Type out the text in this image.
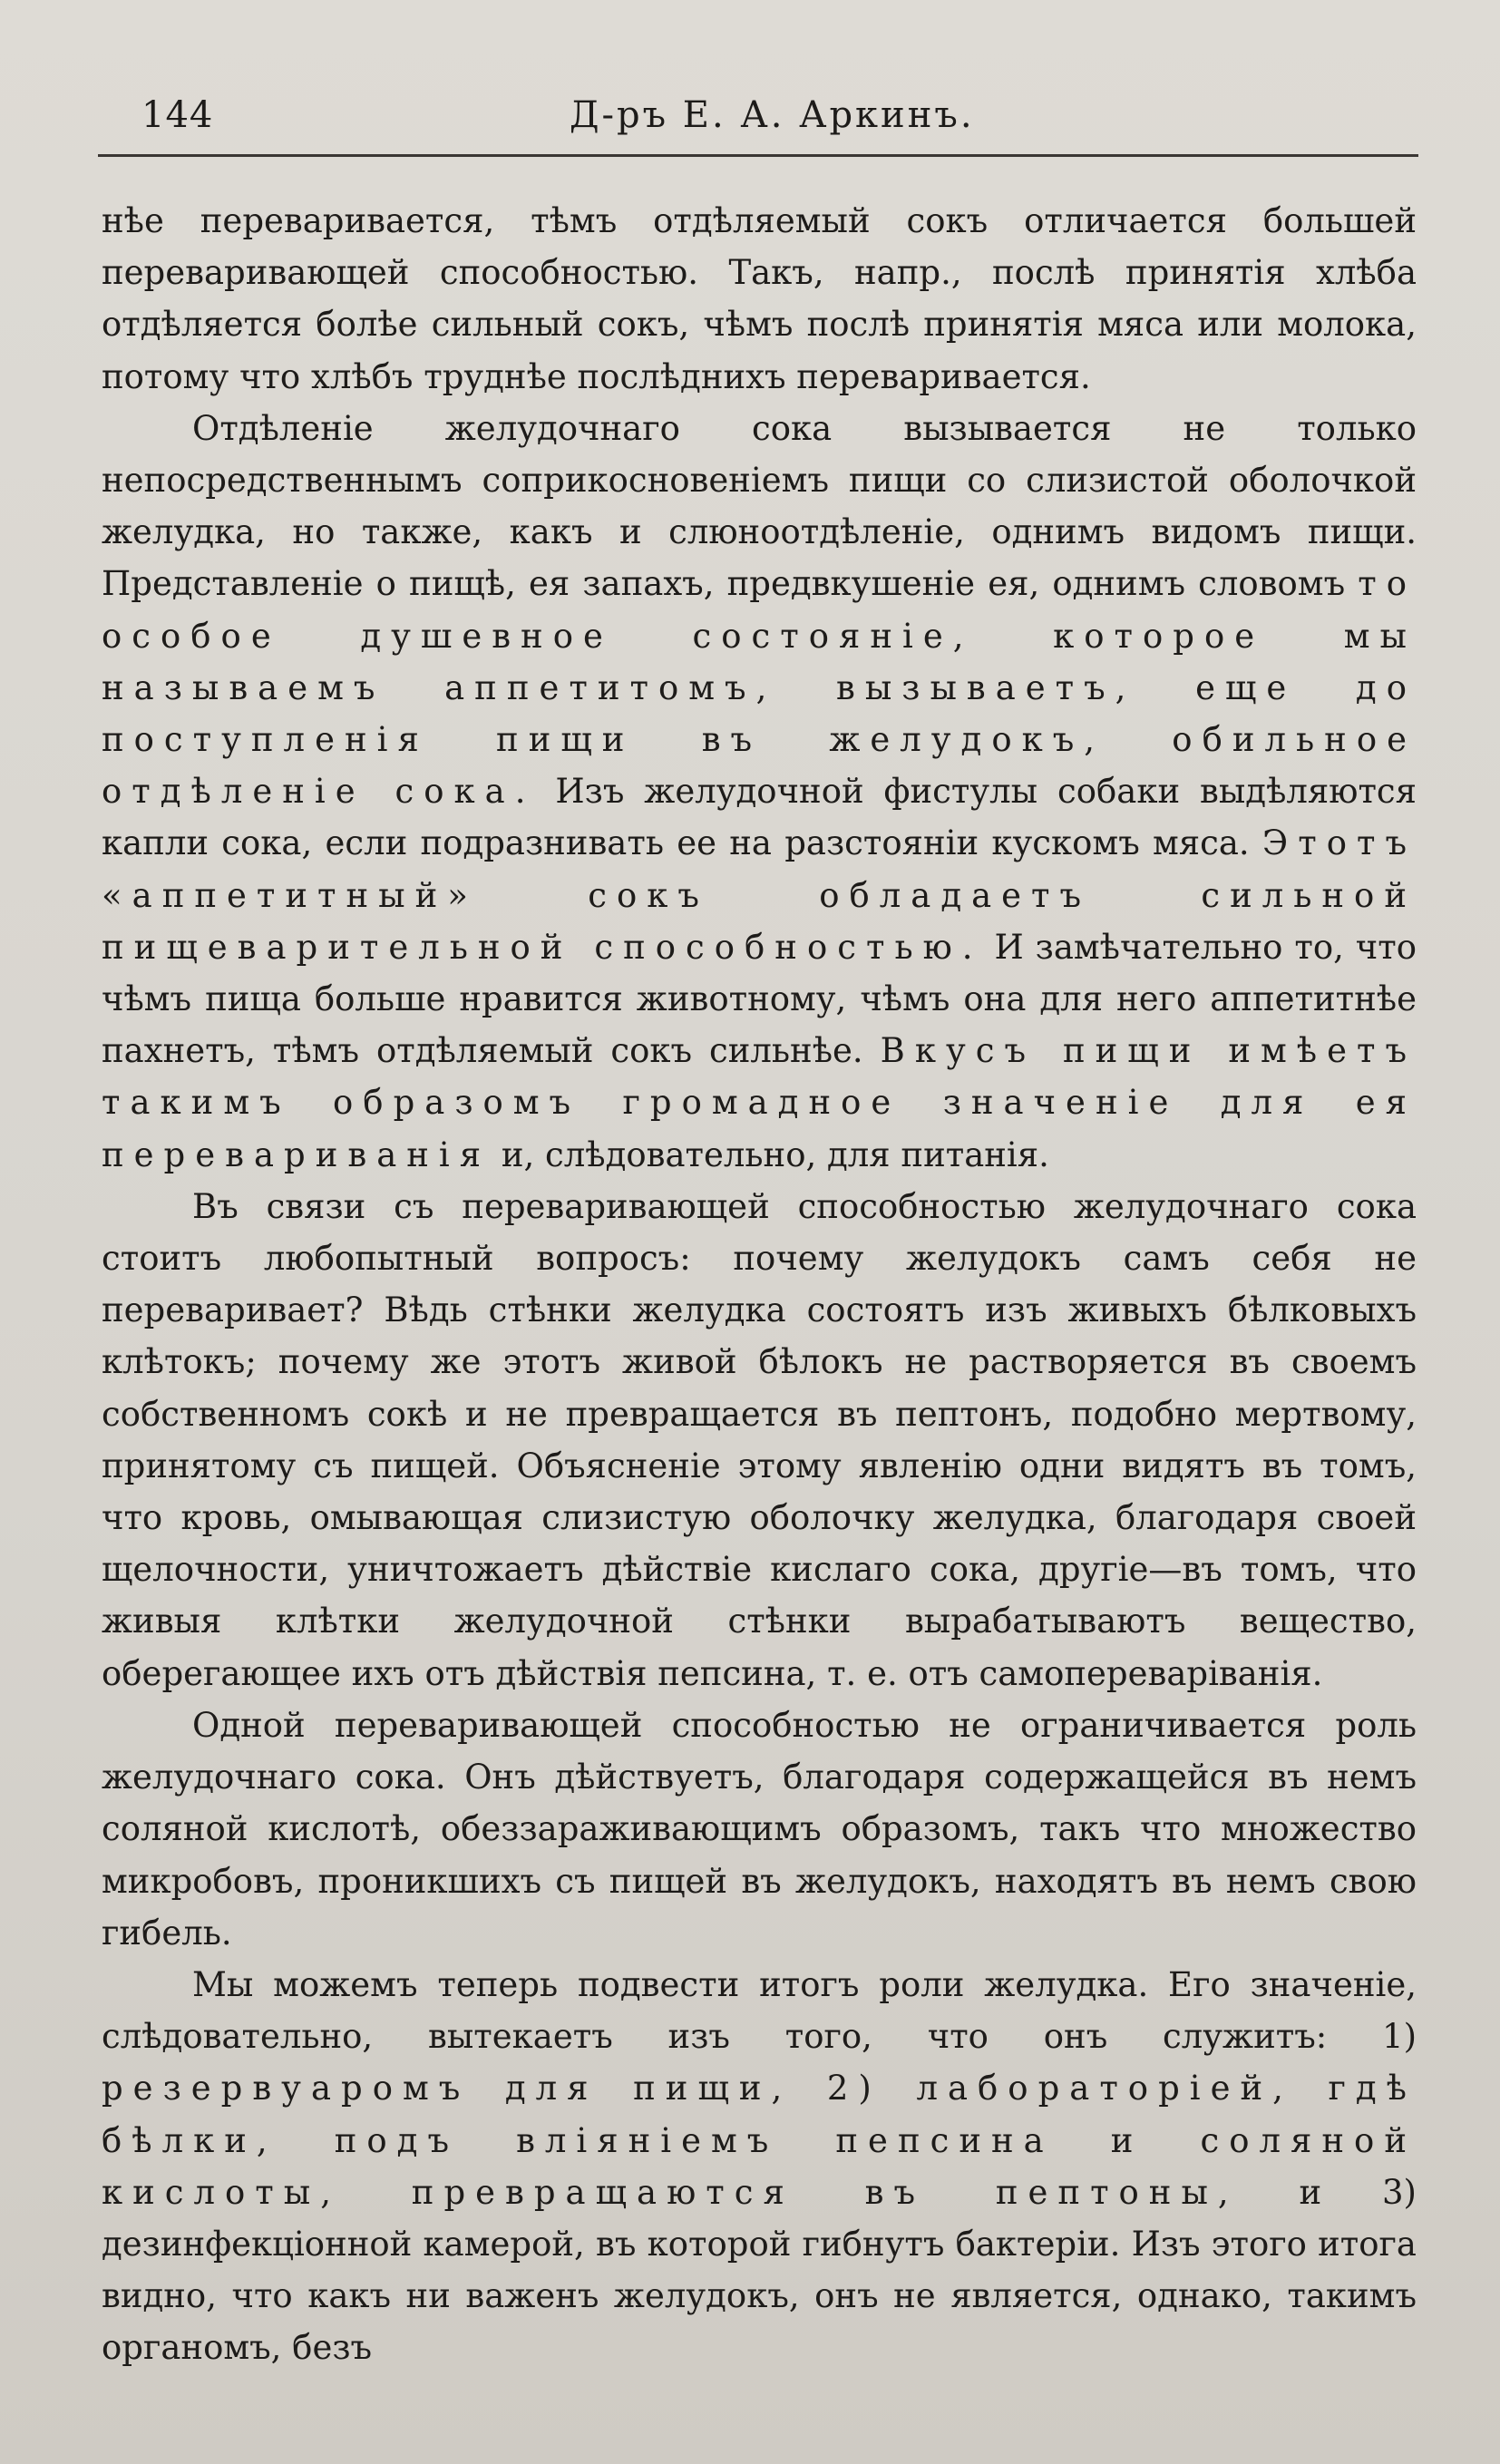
144	Д-ръ Е. А. Аркинъ.

нѣе переваривается, тѣмъ отдѣляемый сокъ отличается большей переваривающей способностью. Такъ, напр., послѣ принятія хлѣба отдѣляется болѣе сильный сокъ, чѣмъ послѣ принятія мяса или молока, потому что хлѣбъ труднѣе послѣднихъ переваривается.

Отдѣленіе желудочнаго сока вызывается не только непосредственнымъ соприкосновеніемъ пищи со слизистой оболочкой желудка, но также, какъ и слюноотдѣленіе, однимъ видомъ пищи. Представленіе о пищѣ, ея запахъ, предвкушеніе ея, однимъ словомъ то особое душевное состояніе, которое мы называемъ аппетитомъ, вызываетъ, еще до поступленія пищи въ желудокъ, обильное отдѣленіе сока. Изъ желудочной фистулы собаки выдѣляются капли сока, если подразнивать ее на разстояніи кускомъ мяса. Этотъ «аппетитный» сокъ обладаетъ сильной пищеварительной способностью. И замѣчательно то, что чѣмъ пища больше нравится животному, чѣмъ она для него аппетитнѣе пахнетъ, тѣмъ отдѣляемый сокъ сильнѣе. Вкусъ пищи имѣетъ такимъ образомъ громадное значеніе для ея перевариванія и, слѣдовательно, для питанія.

Въ связи съ переваривающей способностью желудочнаго сока стоитъ любопытный вопросъ: почему желудокъ самъ себя не переваривает? Вѣдь стѣнки желудка состоятъ изъ живыхъ бѣлковыхъ клѣтокъ; почему же этотъ живой бѣлокъ не растворяется въ своемъ собственномъ сокѣ и не превращается въ пептонъ, подобно мертвому, принятому съ пищей. Объясненіе этому явленію одни видятъ въ томъ, что кровь, омывающая слизистую оболочку желудка, благодаря своей щелочности, уничтожаетъ дѣйствіе кислаго сока, другіе—въ томъ, что живыя клѣтки желудочной стѣнки вырабатываютъ вещество, оберегающее ихъ отъ дѣйствія пепсина, т. е. отъ самопереваріванія.

Одной переваривающей способностью не ограничивается роль желудочнаго сока. Онъ дѣйствуетъ, благодаря содержащейся въ немъ соляной кислотѣ, обеззараживающимъ образомъ, такъ что множество микробовъ, проникшихъ съ пищей въ желудокъ, находятъ въ немъ свою гибель.

Мы можемъ теперь подвести итогъ роли желудка. Его значеніе, слѣдовательно, вытекаетъ изъ того, что онъ служитъ: 1) резервуаромъ для пищи, 2) лабораторіей, гдѣ бѣлки, подъ вліяніемъ пепсина и соляной кислоты, превращаются въ пептоны, и 3) дезинфекціонной камерой, въ которой гибнутъ бактеріи. Изъ этого итога видно, что какъ ни важенъ желудокъ, онъ не является, однако, такимъ органомъ, безъ
